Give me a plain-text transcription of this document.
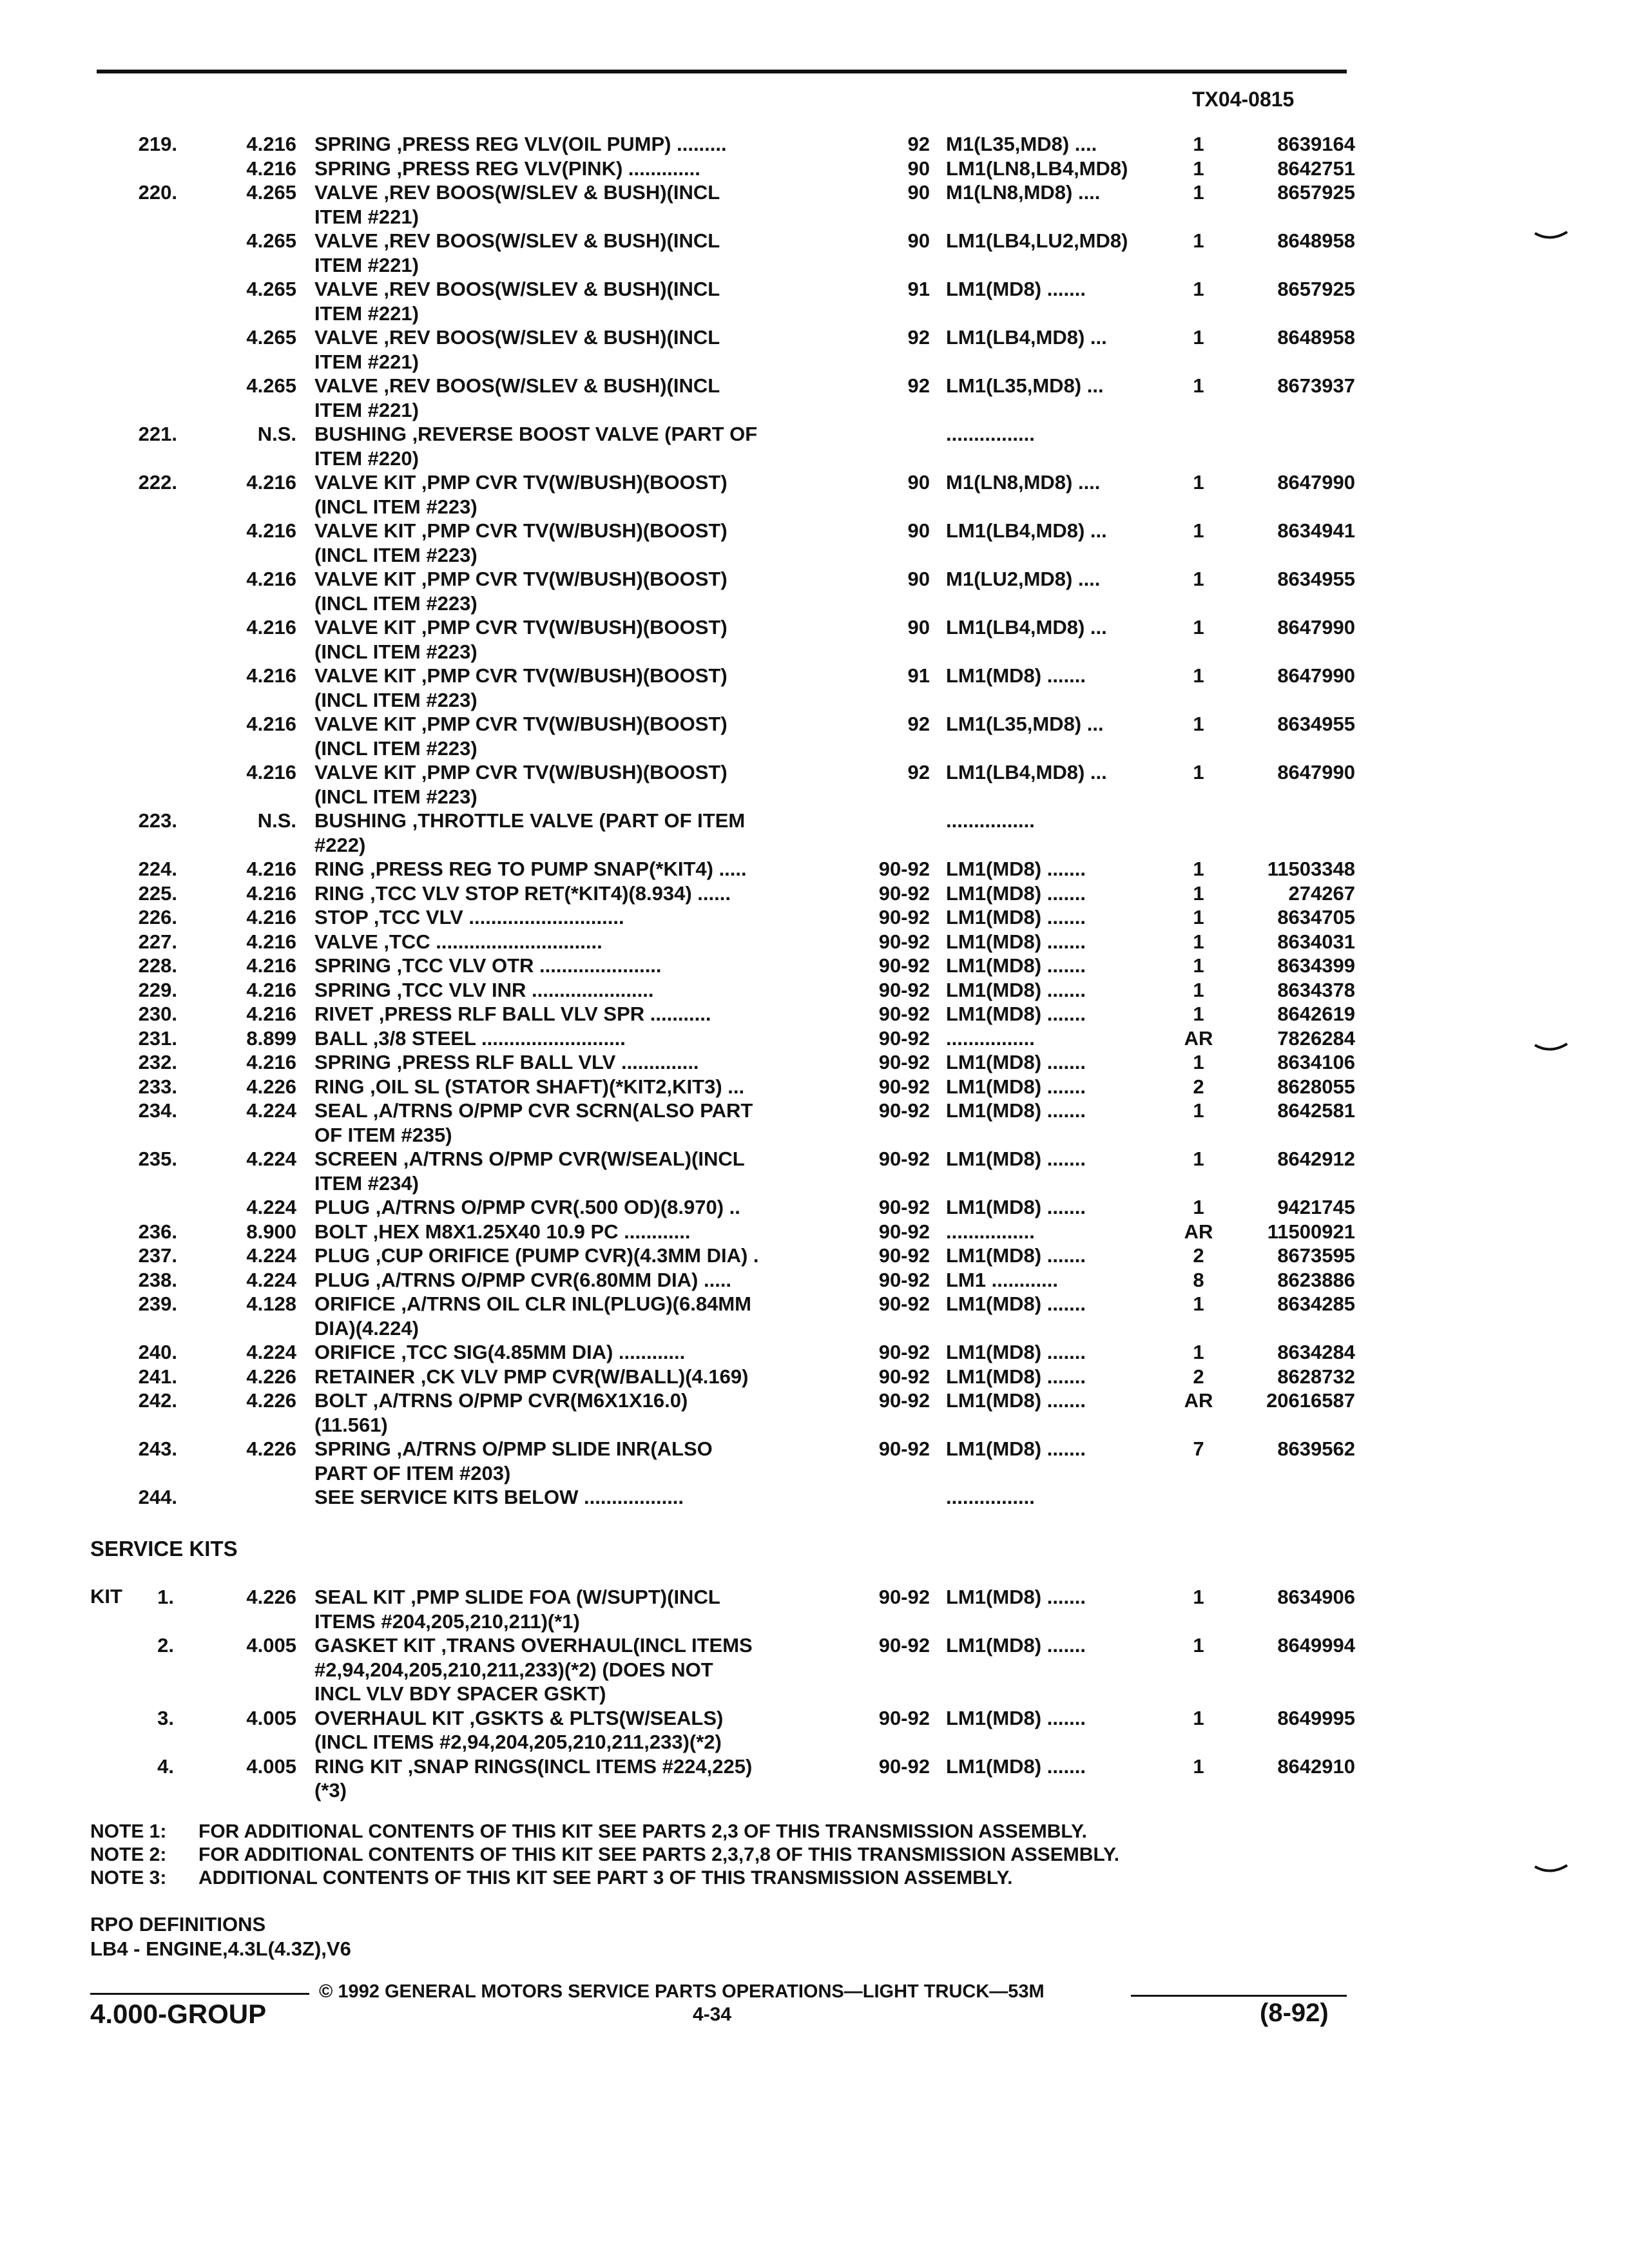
TX04-0815
219.	4.216 SPRING ,PRESS REG VLV(OIL PUMP) .........	92 M1(L35,MD8) ....	1	8639164
4.216 SPRING ,PRESS REG VLV(PINK) .............	90 LM1(LN8,LB4,MD8)	1	8642751
220.	4.265 VALVE ,REV BOOS(W/SLEV & BUSH)(INCL
ITEM #221)
90 M1(LN8,MD8) ....	1	8657925
4.265 VALVE ,REV BOOS(W/SLEV & BUSH)(INCL
ITEM #221)
90 LM1(LB4,LU2,MD8)	1	8648958
4.265 VALVE ,REV BOOS(W/SLEV & BUSH)(INCL
ITEM #221)
91 LM1(MD8) .......	1	8657925
4.265 VALVE ,REV BOOS(W/SLEV & BUSH)(INCL
ITEM #221)
92 LM1(LB4,MD8) ...	1	8648958
4.265 VALVE ,REV BOOS(W/SLEV & BUSH)(INCL
ITEM #221)
92 LM1(L35,MD8) ...	1	8673937
221.	N.S. BUSHING ,REVERSE BOOST VALVE (PART OF
ITEM #220)
................
222.	4.216 VALVE KIT ,PMP CVR TV(W/BUSH)(BOOST)
(INCL ITEM #223)
90 M1(LN8,MD8) ....	1	8647990
4.216 VALVE KIT ,PMP CVR TV(W/BUSH)(BOOST)
(INCL ITEM #223)
90 LM1(LB4,MD8) ...	1	8634941
4.216 VALVE KIT ,PMP CVR TV(W/BUSH)(BOOST)
(INCL ITEM #223)
90 M1(LU2,MD8) ....	1	8634955
4.216 VALVE KIT ,PMP CVR TV(W/BUSH)(BOOST)
(INCL ITEM #223)
90 LM1(LB4,MD8) ...	1	8647990
4.216 VALVE KIT ,PMP CVR TV(W/BUSH)(BOOST)
(INCL ITEM #223)
91 LM1(MD8) .......	1	8647990
4.216 VALVE KIT ,PMP CVR TV(W/BUSH)(BOOST)
(INCL ITEM #223)
92 LM1(L35,MD8) ...	1	8634955
4.216 VALVE KIT ,PMP CVR TV(W/BUSH)(BOOST)
(INCL ITEM #223)
92 LM1(LB4,MD8) ...	1	8647990
223.	N.S. BUSHING ,THROTTLE VALVE (PART OF ITEM
#222)
................
224.	4.216 RING ,PRESS REG TO PUMP SNAP(*KIT4) .....	90-92 LM1(MD8) .......	1	11503348
225.	4.216 RING ,TCC VLV STOP RET(*KIT4)(8.934) ......	90-92 LM1(MD8) .......	1	274267
226.	4.216 STOP ,TCC VLV ............................	90-92 LM1(MD8) .......	1	8634705
227.	4.216 VALVE ,TCC ..............................	90-92 LM1(MD8) .......	1	8634031
228.	4.216 SPRING ,TCC VLV OTR ......................	90-92 LM1(MD8) .......	1	8634399
229.	4.216 SPRING ,TCC VLV INR ......................	90-92 LM1(MD8) .......	1	8634378
230.	4.216 RIVET ,PRESS RLF BALL VLV SPR ...........	90-92 LM1(MD8) .......	1	8642619
231.	8.899 BALL ,3/8 STEEL ..........................	90-92 ................	AR	7826284
232.	4.216 SPRING ,PRESS RLF BALL VLV ..............	90-92 LM1(MD8) .......	1	8634106
233.	4.226 RING ,OIL SL (STATOR SHAFT)(*KIT2,KIT3) ...	90-92 LM1(MD8) .......	2	8628055
234.	4.224 SEAL ,A/TRNS O/PMP CVR SCRN(ALSO PART
OF ITEM #235)
90-92 LM1(MD8) .......	1	8642581
235.	4.224 SCREEN ,A/TRNS O/PMP CVR(W/SEAL)(INCL
ITEM #234)
90-92 LM1(MD8) .......	1	8642912
4.224 PLUG ,A/TRNS O/PMP CVR(.500 OD)(8.970) ..	90-92 LM1(MD8) .......	1	9421745
236.	8.900 BOLT ,HEX M8X1.25X40 10.9 PC ............	90-92 ................	AR	11500921
237.	4.224 PLUG ,CUP ORIFICE (PUMP CVR)(4.3MM DIA) .	90-92 LM1(MD8) .......	2	8673595
238.	4.224 PLUG ,A/TRNS O/PMP CVR(6.80MM DIA) .....	90-92 LM1 ............	8	8623886
239.	4.128 ORIFICE ,A/TRNS OIL CLR INL(PLUG)(6.84MM
DIA)(4.224)
90-92 LM1(MD8) .......	1	8634285
240.	4.224 ORIFICE ,TCC SIG(4.85MM DIA) ............	90-92 LM1(MD8) .......	1	8634284
241.	4.226 RETAINER ,CK VLV PMP CVR(W/BALL)(4.169)	90-92 LM1(MD8) .......	2	8628732
242.	4.226 BOLT ,A/TRNS O/PMP CVR(M6X1X16.0)
(11.561)
90-92 LM1(MD8) .......	AR	20616587
243.	4.226 SPRING ,A/TRNS O/PMP SLIDE INR(ALSO
PART OF ITEM #203)
90-92 LM1(MD8) .......	7	8639562
244.	SEE SERVICE KITS BELOW ..................	................
SERVICE KITS
KIT	1.	4.226 SEAL KIT ,PMP SLIDE FOA (W/SUPT)(INCL
ITEMS #204,205,210,211)(*1)
90-92 LM1(MD8) .......	1	8634906
2.	4.005 GASKET KIT ,TRANS OVERHAUL(INCL ITEMS
#2,94,204,205,210,211,233)(*2) (DOES NOT
INCL VLV BDY SPACER GSKT)
90-92 LM1(MD8) .......	1	8649994
3.	4.005 OVERHAUL KIT ,GSKTS & PLTS(W/SEALS)
(INCL ITEMS #2,94,204,205,210,211,233)(*2)
90-92 LM1(MD8) .......	1	8649995
4.	4.005 RING KIT ,SNAP RINGS(INCL ITEMS #224,225)
(*3)
90-92 LM1(MD8) .......	1	8642910
NOTE 1:	FOR ADDITIONAL CONTENTS OF THIS KIT SEE PARTS 2,3 OF THIS TRANSMISSION ASSEMBLY.
NOTE 2:	FOR ADDITIONAL CONTENTS OF THIS KIT SEE PARTS 2,3,7,8 OF THIS TRANSMISSION ASSEMBLY.
NOTE 3:	ADDITIONAL CONTENTS OF THIS KIT SEE PART 3 OF THIS TRANSMISSION ASSEMBLY.
RPO DEFINITIONS
LB4 - ENGINE,4.3L(4.3Z),V6
© 1992 GENERAL MOTORS SERVICE PARTS OPERATIONS—LIGHT TRUCK—53M
4.000-GROUP	4-34	(8-92)
